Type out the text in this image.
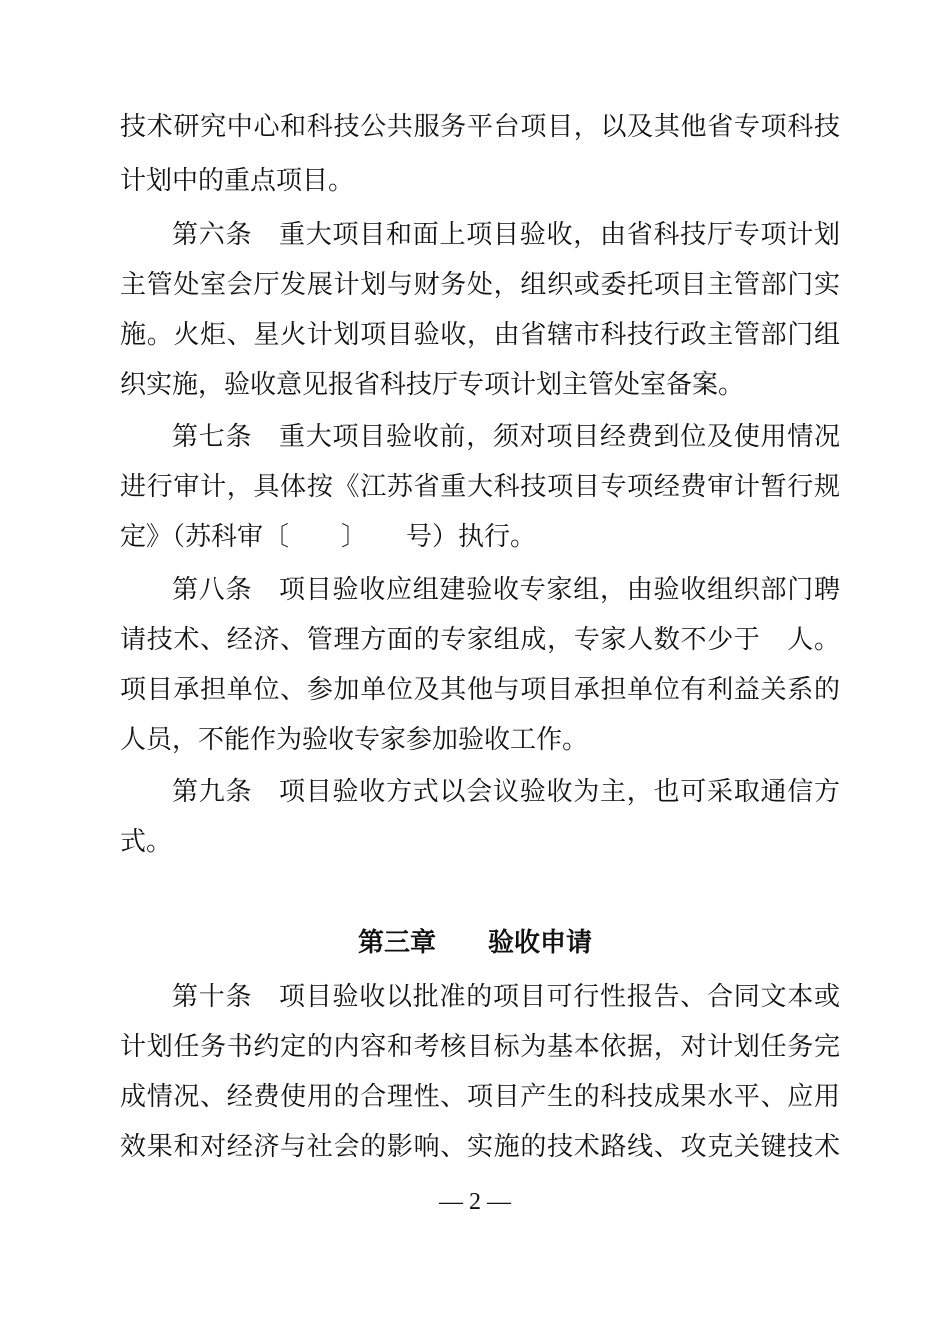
技术研究中心和科技公共服务平台项目，以及其他省专项科技
计划中的重点项目。
第六条　重大项目和面上项目验收，由省科技厅专项计划
主管处室会厅发展计划与财务处，组织或委托项目主管部门实
施。火炬、星火计划项目验收，由省辖市科技行政主管部门组
织实施，验收意见报省科技厅专项计划主管处室备案。
第七条　重大项目验收前，须对项目经费到位及使用情况
进行审计，具体按《江苏省重大科技项目专项经费审计暂行规
定》（苏科审〔　　〕　　号）执行。
第八条　项目验收应组建验收专家组，由验收组织部门聘
请技术、经济、管理方面的专家组成，专家人数不少于　人。
项目承担单位、参加单位及其他与项目承担单位有利益关系的
人员，不能作为验收专家参加验收工作。
第九条　项目验收方式以会议验收为主，也可采取通信方
式。
第三章　　验收申请
第十条　项目验收以批准的项目可行性报告、合同文本或
计划任务书约定的内容和考核目标为基本依据，对计划任务完
成情况、经费使用的合理性、项目产生的科技成果水平、应用
效果和对经济与社会的影响、实施的技术路线、攻克关键技术
— 2 —
